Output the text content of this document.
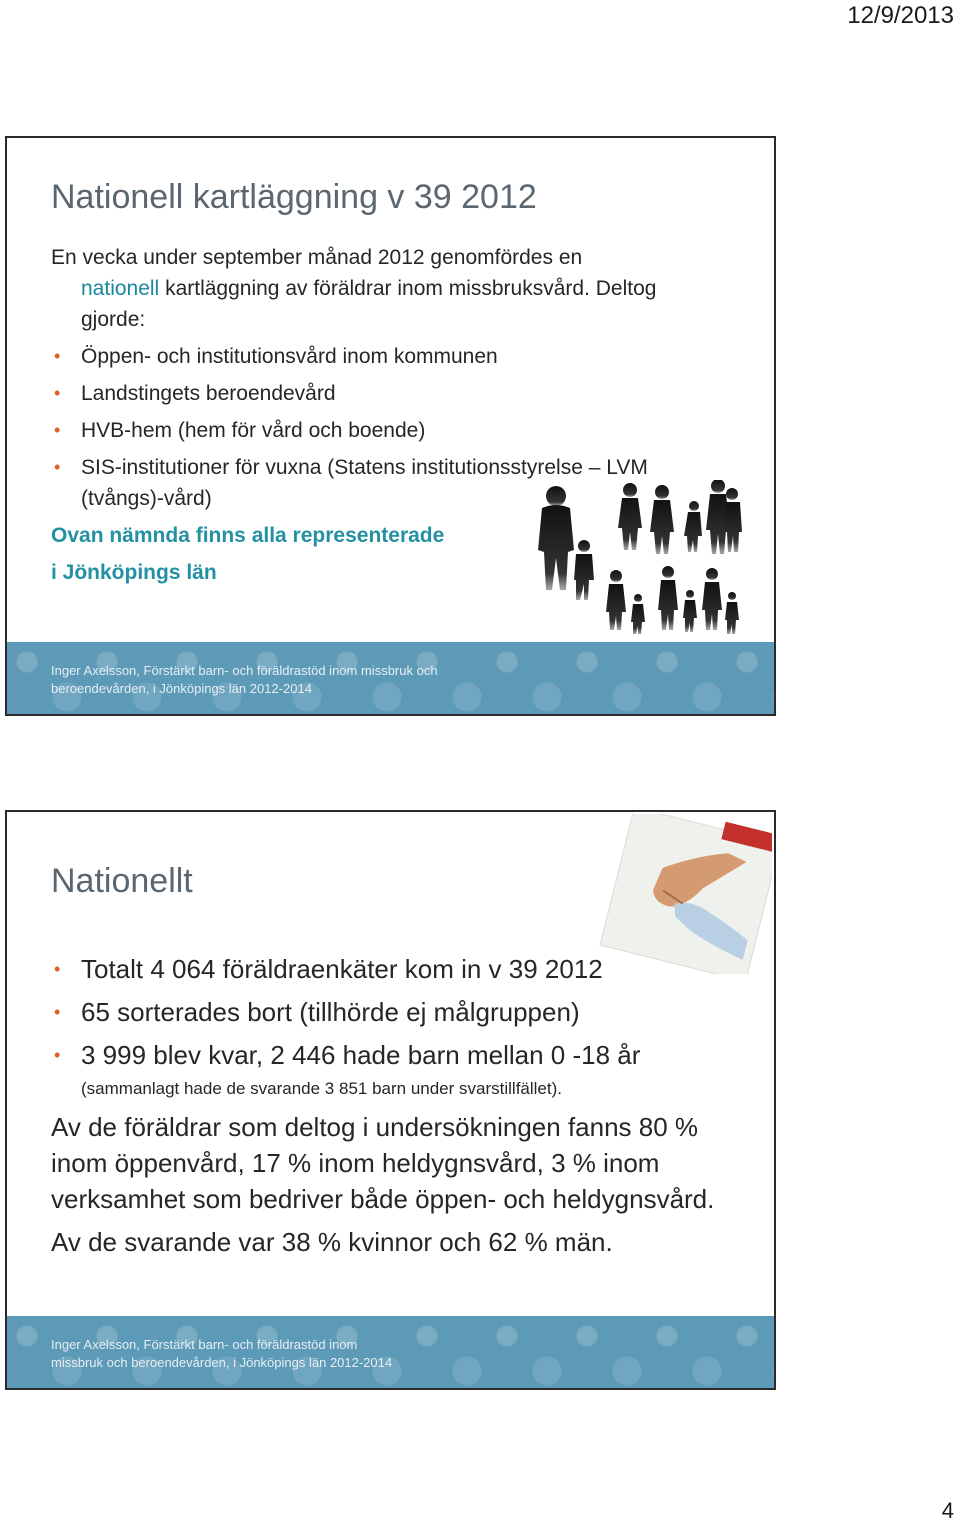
12/9/2013
Nationell kartläggning v 39 2012

En vecka under september månad 2012 genomfördes en

nationell kartläggning av föräldrar inom missbruksvård. Deltog

gjorde:

• Öppen- och institutionsvård inom kommunen
• Landstingets beroendevård
• HVB-hem (hem för vård och boende)
• SIS-institutioner för vuxna (Statens institutionsstyrelse – LVM (tvångs)-vård)

Ovan nämnda finns alla representerade

i Jönköpings län

Inger Axelsson, Förstärkt barn- och föräldrastöd inom missbruk och
beroendevården, i Jönköpings län 2012-2014
Nationellt
• Totalt 4 064 föräldraenkäter kom in v 39 2012
• 65 sorterades bort (tillhörde ej målgruppen)
• 3 999 blev kvar, 2 446 hade barn mellan 0 -18 år

(sammanlagt hade de svarande 3 851 barn under svarstillfället).

Av de föräldrar som deltog i undersökningen fanns 80 % inom öppenvård, 17 % inom heldygnsvård, 3 % inom verksamhet som bedriver både öppen- och heldygnsvård.

Av de svarande var 38 % kvinnor och 62 % män.

Inger Axelsson, Förstärkt barn- och föräldrastöd inom
missbruk och beroendevården, i Jönköpings län 2012-2014
4
